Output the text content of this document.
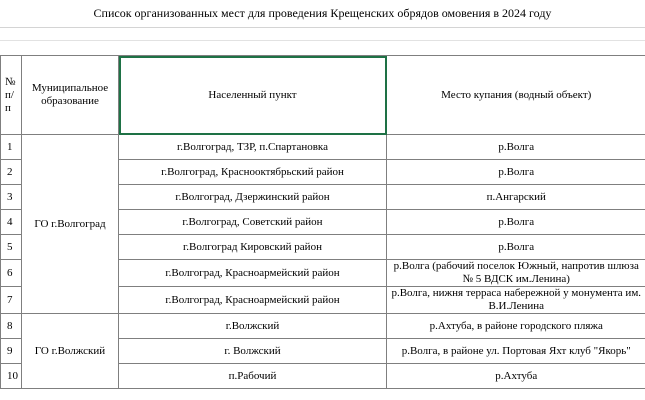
Список организованных мест для проведения Крещенских обрядов омовения в 2024 году
№ п/п	Муниципальное образование	Населенный пункт	Место купания (водный объект)
1	ГО г.Волгоград	г.Волгоград, ТЗР, п.Спартановка	р.Волга
2		г.Волгоград, Краснооктябрьский район	р.Волга
3		г.Волгоград, Дзержинский район	п.Ангарский
4		г.Волгоград, Советский район	р.Волга
5		г.Волгоград Кировский район	р.Волга
6		г.Волгоград, Красноармейский район	р.Волга (рабочий поселок Южный, напротив шлюза № 5 ВДСК им.Ленина)
7		г.Волгоград, Красноармейский район	р.Волга, нижня терраса набережной у монумента им. В.И.Ленина
8	ГО г.Волжский	г.Волжский	р.Ахтуба, в районе городского пляжа
9		г. Волжский	р.Волга, в районе ул. Портовая Яхт клуб "Якорь"
10		п.Рабочий	р.Ахтуба
